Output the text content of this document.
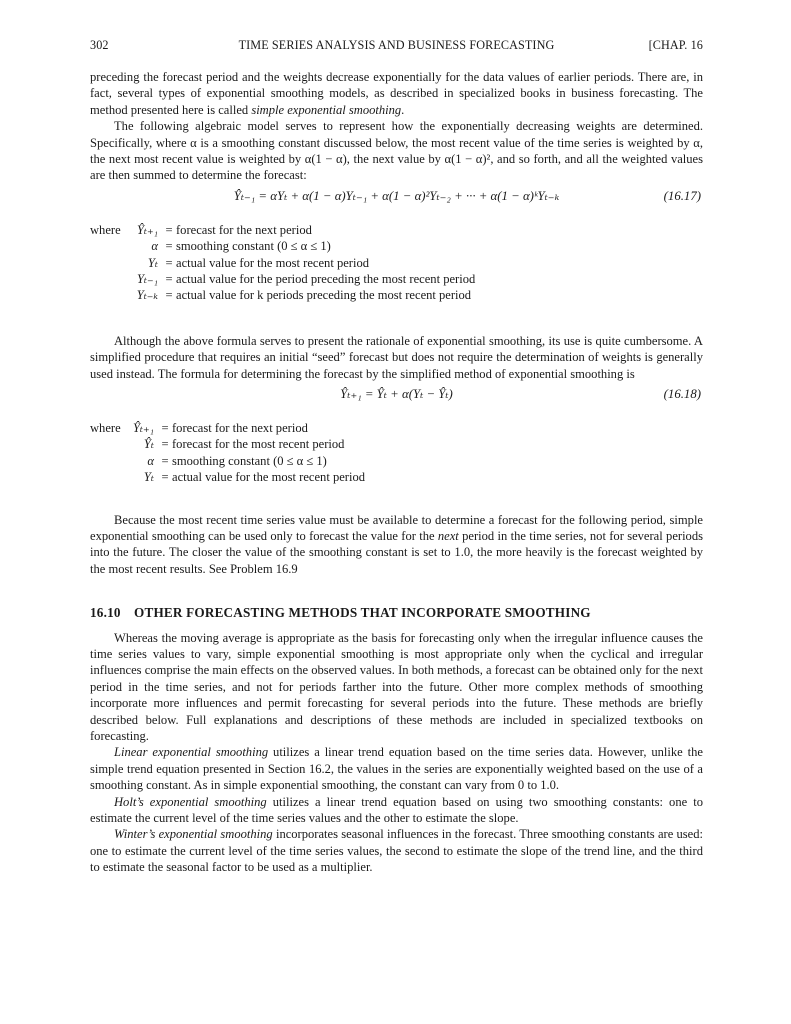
302	TIME SERIES ANALYSIS AND BUSINESS FORECASTING	[CHAP. 16

preceding the forecast period and the weights decrease exponentially for the data values of earlier periods. There are, in fact, several types of exponential smoothing models, as described in specialized books in business forecasting. The method presented here is called simple exponential smoothing.

The following algebraic model serves to represent how the exponentially decreasing weights are determined. Specifically, where α is a smoothing constant discussed below, the most recent value of the time series is weighted by α, the next most recent value is weighted by α(1 − α), the next value by α(1 − α)², and so forth, and all the weighted values are then summed to determine the forecast:

Ŷₜ₋₁ = αYₜ + α(1 − α)Yₜ₋₁ + α(1 − α)²Yₜ₋₂ + ··· + α(1 − α)ᵏYₜ₋ₖ	(16.17)
where	Ŷₜ₊₁ = forecast for the next period
α = smoothing constant (0 ≤ α ≤ 1)
Yₜ = actual value for the most recent period
Yₜ₋₁ = actual value for the period preceding the most recent period
Yₜ₋ₖ = actual value for k periods preceding the most recent period

Although the above formula serves to present the rationale of exponential smoothing, its use is quite cumbersome. A simplified procedure that requires an initial “seed” forecast but does not require the determination of weights is generally used instead. The formula for determining the forecast by the simplified method of exponential smoothing is

Ŷₜ₊₁ = Ŷₜ + α(Yₜ − Ŷₜ)	(16.18)
where Ŷₜ₊₁ = forecast for the next period
Ŷₜ = forecast for the most recent period
α = smoothing constant (0 ≤ α ≤ 1)
Yₜ = actual value for the most recent period

Because the most recent time series value must be available to determine a forecast for the following period, simple exponential smoothing can be used only to forecast the value for the next period in the time series, not for several periods into the future. The closer the value of the smoothing constant is set to 1.0, the more heavily is the forecast weighted by the most recent results. See Problem 16.9

16.10 OTHER FORECASTING METHODS THAT INCORPORATE SMOOTHING

Whereas the moving average is appropriate as the basis for forecasting only when the irregular influence causes the time series values to vary, simple exponential smoothing is most appropriate only when the cyclical and irregular influences comprise the main effects on the observed values. In both methods, a forecast can be obtained only for the next period in the time series, and not for periods farther into the future. Other more complex methods of smoothing incorporate more influences and permit forecasting for several periods into the future. These methods are briefly described below. Full explanations and descriptions of these methods are included in specialized textbooks on forecasting.

Linear exponential smoothing utilizes a linear trend equation based on the time series data. However, unlike the simple trend equation presented in Section 16.2, the values in the series are exponentially weighted based on the use of a smoothing constant. As in simple exponential smoothing, the constant can vary from 0 to 1.0.

Holt’s exponential smoothing utilizes a linear trend equation based on using two smoothing constants: one to estimate the current level of the time series values and the other to estimate the slope.

Winter’s exponential smoothing incorporates seasonal influences in the forecast. Three smoothing constants are used: one to estimate the current level of the time series values, the second to estimate the slope of the trend line, and the third to estimate the seasonal factor to be used as a multiplier.
